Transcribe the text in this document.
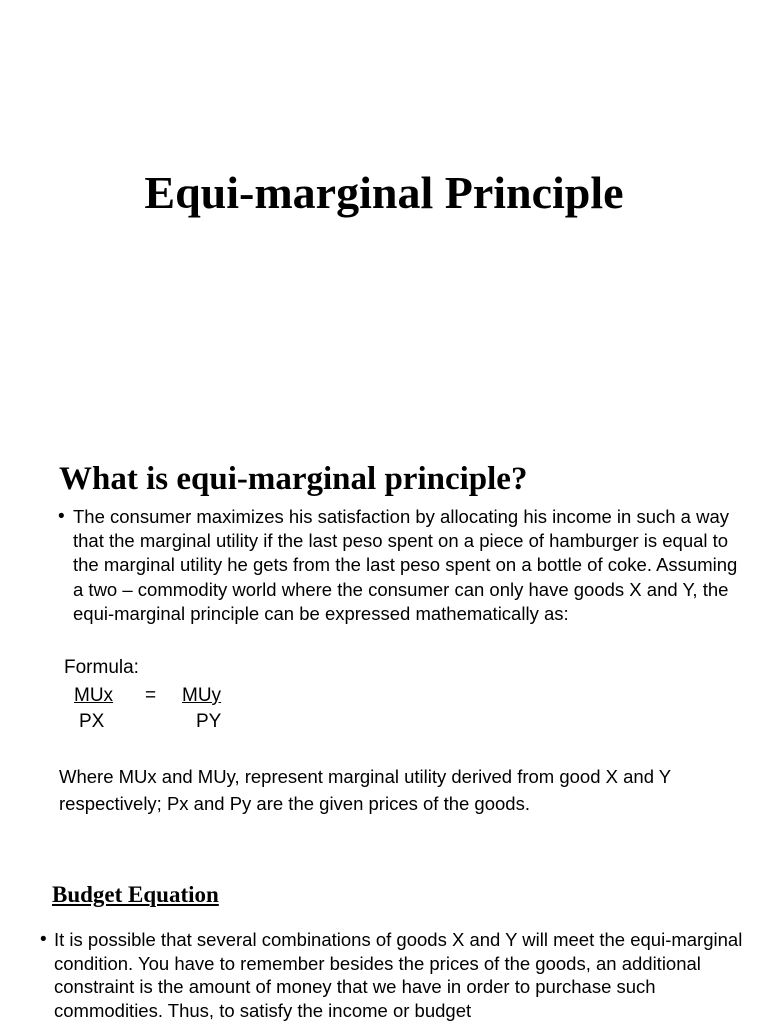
Equi-marginal Principle
What is equi-marginal principle?
• The consumer maximizes his satisfaction by allocating his income in such a way that the marginal utility if the last peso spent on a piece of hamburger is equal to the marginal utility he gets from the last peso spent on a bottle of coke. Assuming a two – commodity world where the consumer can only have goods X and Y, the equi-marginal principle can be expressed mathematically as:
Formula:
MUx = MUy
PX	PY

Where MUx and MUy, represent marginal utility derived from good X and Y respectively; Px and Py are the given prices of the goods.

Budget Equation
• It is possible that several combinations of goods X and Y will meet the equi-marginal condition. You have to remember besides the prices of the goods, an additional constraint is the amount of money that we have in order to purchase such commodities. Thus, to satisfy the income or budget
